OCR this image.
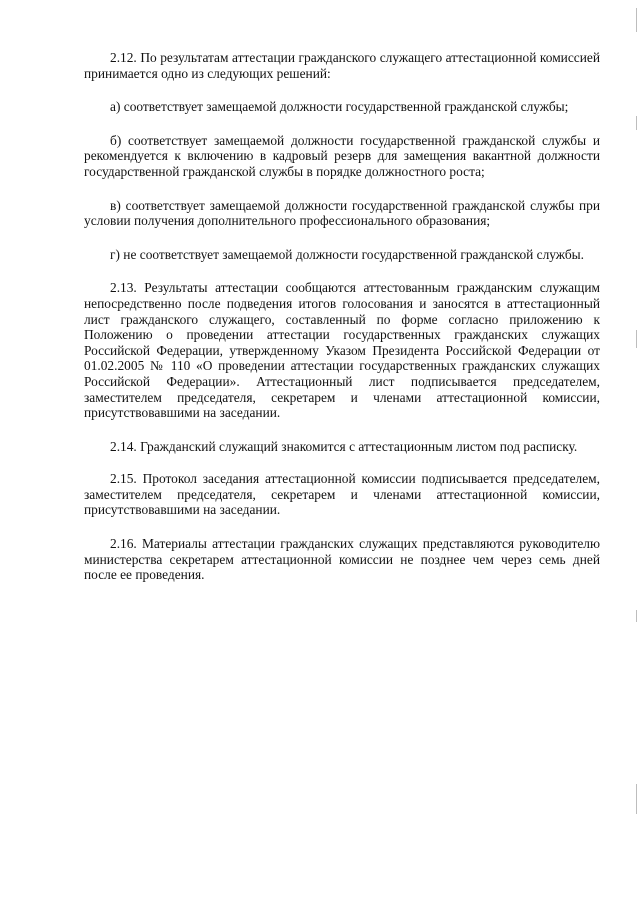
2.12. По результатам аттестации гражданского служащего аттестационной комиссией принимается одно из следующих решений:

а) соответствует замещаемой должности государственной гражданской службы;

б) соответствует замещаемой должности государственной гражданской службы и рекомендуется к включению в кадровый резерв для замещения вакантной должности государственной гражданской службы в порядке должностного роста;

в) соответствует замещаемой должности государственной гражданской службы при условии получения дополнительного профессионального образования;

г) не соответствует замещаемой должности государственной гражданской службы.

2.13. Результаты аттестации сообщаются аттестованным гражданским служащим непосредственно после подведения итогов голосования и заносятся в аттестационный лист гражданского служащего, составленный по форме согласно приложению к Положению о проведении аттестации государственных гражданских служащих Российской Федерации, утвержденному Указом Президента Российской Федерации от 01.02.2005 № 110 «О проведении аттестации государственных гражданских служащих Российской Федерации». Аттестационный лист подписывается председателем, заместителем председателя, секретарем и членами аттестационной комиссии, присутствовавшими на заседании.

2.14. Гражданский служащий знакомится с аттестационным листом под расписку.

2.15. Протокол заседания аттестационной комиссии подписывается председателем, заместителем председателя, секретарем и членами аттестационной комиссии, присутствовавшими на заседании.

2.16. Материалы аттестации гражданских служащих представляются руководителю министерства секретарем аттестационной комиссии не позднее чем через семь дней после ее проведения.
